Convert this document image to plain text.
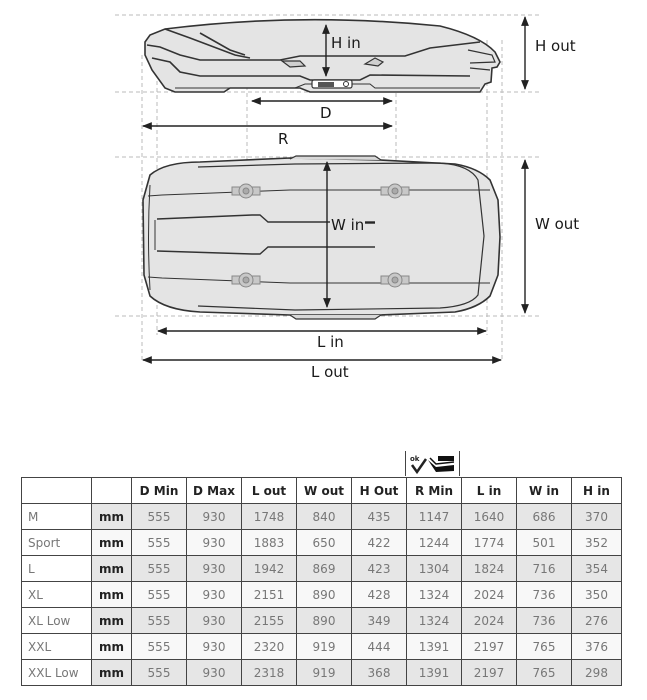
H in	H out
D
R
W in	W out
L in
L out
ok
		D Min	D Max	L out	W out	H Out	R Min	L in	W in	H in
M	mm	555	930	1748	840	435	1147	1640	686	370
Sport	mm	555	930	1883	650	422	1244	1774	501	352
L	mm	555	930	1942	869	423	1304	1824	716	354
XL	mm	555	930	2151	890	428	1324	2024	736	350
XL Low	mm	555	930	2155	890	349	1324	2024	736	276
XXL	mm	555	930	2320	919	444	1391	2197	765	376
XXL Low	mm	555	930	2318	919	368	1391	2197	765	298
